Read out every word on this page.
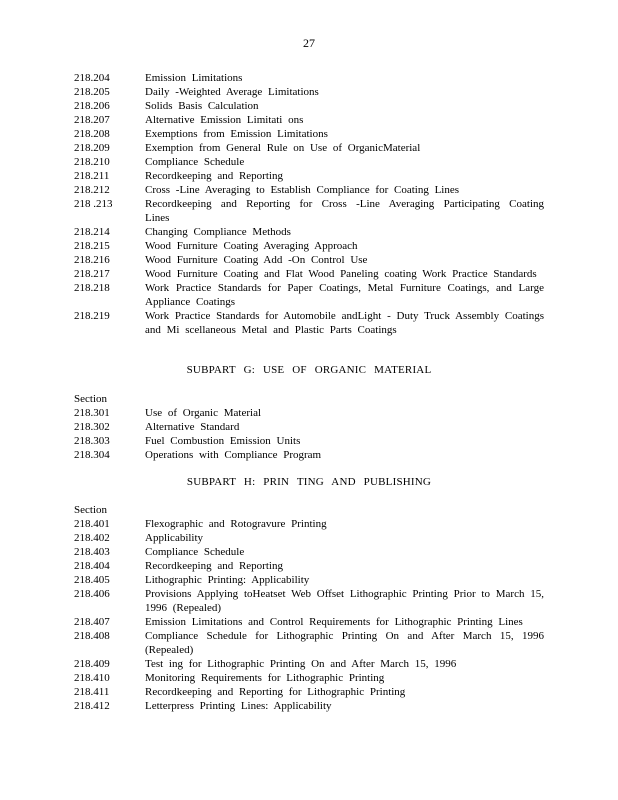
27
218.204	Emission Limitations
218.205	Daily -Weighted Average Limitations
218.206	Solids Basis Calculation
218.207	Alternative Emission Limitati ons
218.208	Exemptions from Emission Limitations
218.209	Exemption from General Rule on Use of OrganicMaterial
218.210	Compliance Schedule
218.211	Recordkeeping and Reporting
218.212	Cross -Line Averaging to Establish Compliance for Coating Lines
218 .213	Recordkeeping and Reporting for Cross -Line Averaging Participating Coating Lines
218.214	Changing Compliance Methods
218.215	Wood Furniture Coating Averaging Approach
218.216	Wood Furniture Coating Add -On Control Use
218.217	Wood Furniture Coating and Flat Wood Paneling coating Work Practice Standards
218.218	Work Practice Standards for Paper Coatings, Metal Furniture Coatings, and Large Appliance Coatings
218.219	Work Practice Standards for Automobile andLight - Duty Truck Assembly Coatings and Mi scellaneous Metal and Plastic Parts Coatings
SUBPART G: USE OF ORGANIC MATERIAL
Section
218.301	Use of Organic Material
218.302	Alternative Standard
218.303	Fuel Combustion Emission Units
218.304	Operations with Compliance Program
SUBPART H: PRIN TING AND PUBLISHING
Section
218.401	Flexographic and Rotogravure Printing
218.402	Applicability
218.403	Compliance Schedule
218.404	Recordkeeping and Reporting
218.405	Lithographic Printing: Applicability
218.406	Provisions Applying toHeatset Web Offset Lithographic Printing Prior to March 15, 1996 (Repealed)
218.407	Emission Limitations and Control Requirements for Lithographic Printing Lines
218.408	Compliance Schedule for Lithographic Printing On and After March 15, 1996 (Repealed)
218.409	Test ing for Lithographic Printing On and After March 15, 1996
218.410	Monitoring Requirements for Lithographic Printing
218.411	Recordkeeping and Reporting for Lithographic Printing
218.412	Letterpress Printing Lines: Applicability
